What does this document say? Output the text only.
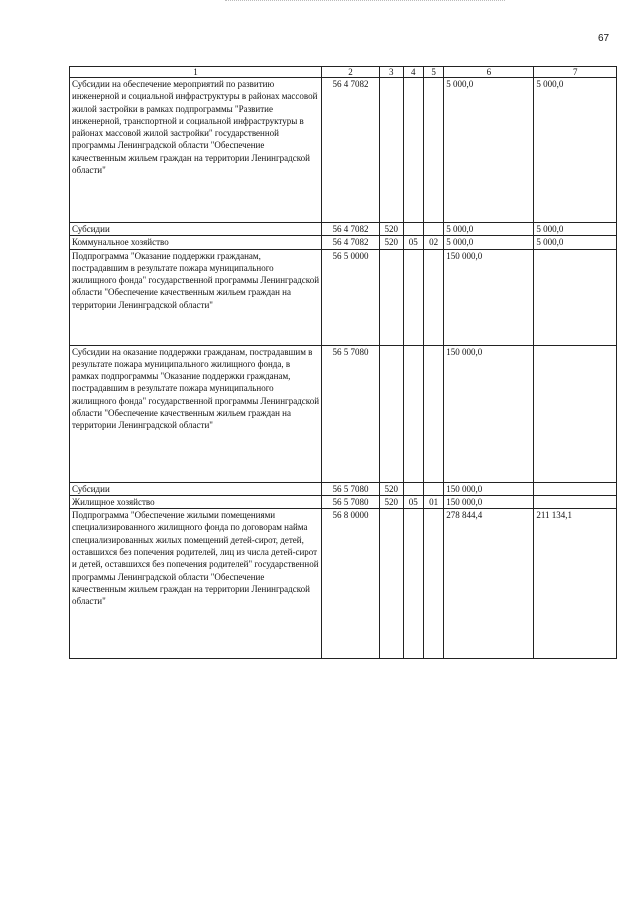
67
1	2	3	4	5	6	7
Субсидии на обеспечение мероприятий по развитию инженерной и социальной инфраструктуры в районах массовой жилой застройки в рамках подпрограммы "Развитие инженерной, транспортной и социальной инфраструктуры в районах массовой жилой застройки" государственной программы Ленинградской области "Обеспечение качественным жильем граждан на территории Ленинградской области"	56 4 7082				5 000,0	5 000,0
Субсидии	56 4 7082	520			5 000,0	5 000,0
Коммунальное хозяйство	56 4 7082	520	05	02	5 000,0	5 000,0
Подпрограмма "Оказание поддержки гражданам, пострадавшим в результате пожара муниципального жилищного фонда" государственной программы Ленинградской области "Обеспечение качественным жильем граждан на территории Ленинградской области"	56 5 0000				150 000,0	
Субсидии на оказание поддержки гражданам, пострадавшим в результате пожара муниципального жилищного фонда, в рамках подпрограммы "Оказание поддержки гражданам, пострадавшим в результате пожара муниципального жилищного фонда" государственной программы Ленинградской области "Обеспечение качественным жильем граждан на территории Ленинградской области"	56 5 7080				150 000,0	
Субсидии	56 5 7080	520			150 000,0	
Жилищное хозяйство	56 5 7080	520	05	01	150 000,0	
Подпрограмма "Обеспечение жилыми помещениями специализированного жилищного фонда по договорам найма специализированных жилых помещений детей-сирот, детей, оставшихся без попечения родителей, лиц из числа детей-сирот и детей, оставшихся без попечения родителей" государственной программы Ленинградской области "Обеспечение качественным жильем граждан на территории Ленинградской области"	56 8 0000				278 844,4	211 134,1
